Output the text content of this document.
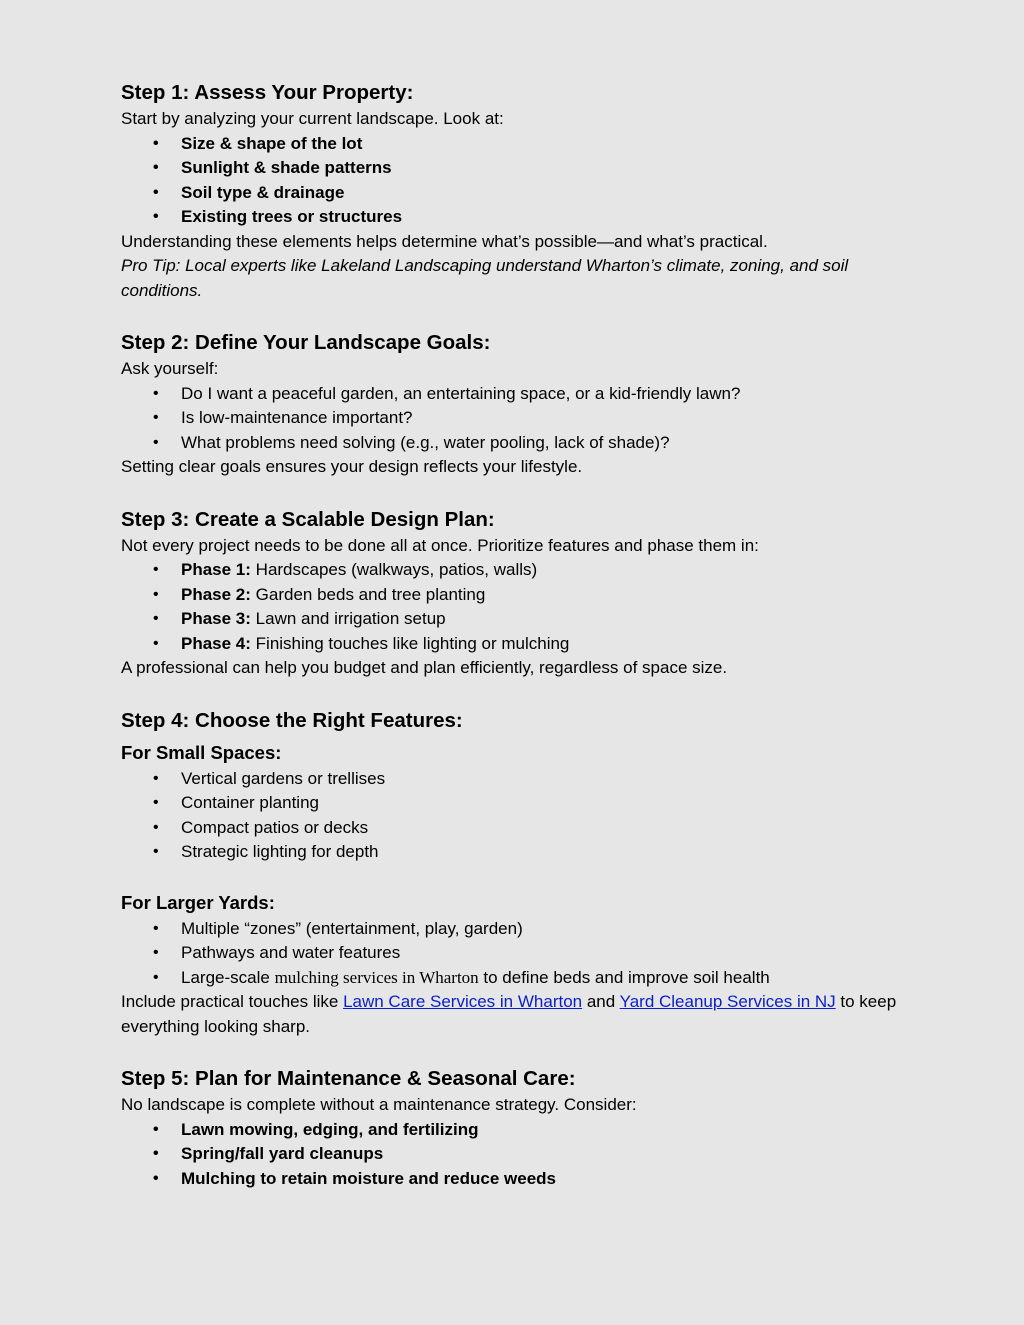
Step 1: Assess Your Property:

Start by analyzing your current landscape. Look at:

• Size & shape of the lot
• Sunlight & shade patterns
• Soil type & drainage
• Existing trees or structures

Understanding these elements helps determine what’s possible—and what’s practical.

Pro Tip: Local experts like Lakeland Landscaping understand Wharton’s climate, zoning, and soil conditions.

Step 2: Define Your Landscape Goals:

Ask yourself:

• Do I want a peaceful garden, an entertaining space, or a kid-friendly lawn?
• Is low-maintenance important?
• What problems need solving (e.g., water pooling, lack of shade)?

Setting clear goals ensures your design reflects your lifestyle.

Step 3: Create a Scalable Design Plan:

Not every project needs to be done all at once. Prioritize features and phase them in:

• Phase 1: Hardscapes (walkways, patios, walls)
• Phase 2: Garden beds and tree planting
• Phase 3: Lawn and irrigation setup
• Phase 4: Finishing touches like lighting or mulching

A professional can help you budget and plan efficiently, regardless of space size.

Step 4: Choose the Right Features:
For Small Spaces:
• Vertical gardens or trellises
• Container planting
• Compact patios or decks
• Strategic lighting for depth
For Larger Yards:
• Multiple “zones” (entertainment, play, garden)
• Pathways and water features
• Large-scale mulching services in Wharton to define beds and improve soil health

Include practical touches like Lawn Care Services in Wharton and Yard Cleanup Services in NJ to keep everything looking sharp.

Step 5: Plan for Maintenance & Seasonal Care:

No landscape is complete without a maintenance strategy. Consider:

• Lawn mowing, edging, and fertilizing
• Spring/fall yard cleanups
• Mulching to retain moisture and reduce weeds
